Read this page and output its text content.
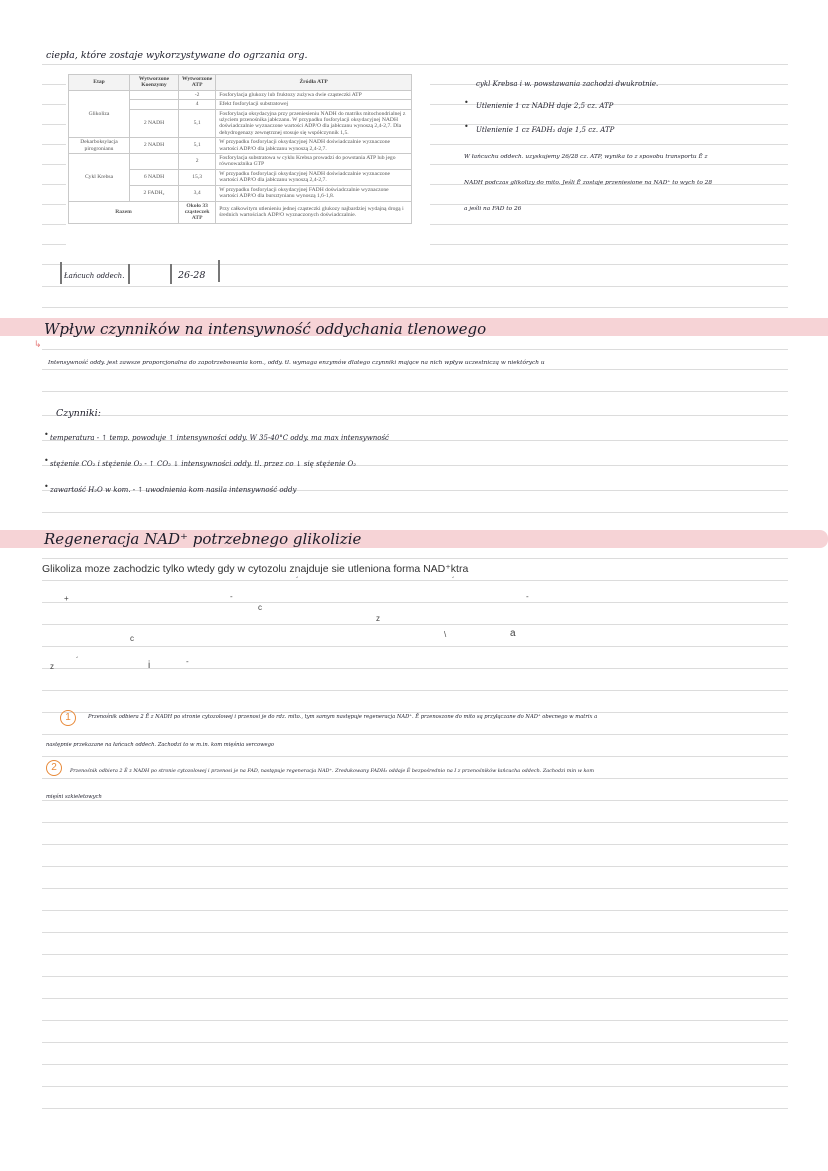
ciepła, które zostaje wykorzystywane do ogrzania org.
Etap	Wytworzone Koenzymy	Wytworzone ATP	Źródła ATP
Glikoliza		-2	Fosforylacja glukozy lub fruktozy zużywa dwie cząsteczki ATP
		4	Efekt fosforylacji substratowej
	2 NADH	5,1	Fosforylacja oksydacyjna przy przeniesieniu NADH do matriks mitochondrialnej z użyciem przenośnika jabłczanu. W przypadku fosforylacji oksydacyjnej NADH doświadczalnie wyznaczone wartości ADP/O dla jabłczanu wynoszą 2,4-2,7. Dla dehydrogenazy zewnętrznej stosuje się współczynnik 1,5.
Dekarboksylacja pirogronianu	2 NADH	5,1	W przypadku fosforylacji oksydacyjnej NADH doświadczalnie wyznaczone wartości ADP/O dla jabłczanu wynoszą 2,4-2,7.
Cykl Krebsa		2	Fosforylacja substratowa w cyklu Krebsa prowadzi do powstania ATP lub jego równoważnika GTP
	6 NADH	15,3	W przypadku fosforylacji oksydacyjnej NADH doświadczalnie wyznaczone wartości ADP/O dla jabłczanu wynoszą 2,4-2,7.
	2 FADH₂	3,4	W przypadku fosforylacji oksydacyjnej FADH doświadczalnie wyznaczone wartości ADP/O dla bursztynianu wynoszą 1,6-1,8.
Razem		Około 33 cząsteczek ATP	Przy całkowitym utlenieniu jednej cząsteczki glukozy najbardziej wydajną drogą i średnich wartościach ADP/O wyznaczonych doświadczalnie.
Łańcuch oddech.	26-28
cykl Krebsa i w. powstawania zachodzi dwukrotnie.
• Utlenienie 1 cz NADH daje 2,5 cz. ATP
• Utlenienie 1 cz FADH₂ daje 1,5 cz. ATP
W łańcuchu oddech. uzyskujemy 26/28 cz. ATP, wynika to z sposobu transportu Ē z
NADH podczas glikolizy do mito. Jeśli Ē zostaje przeniesione na NAD⁺ to wych to 28
a jeśli na FAD to 26
↳
Wpływ czynników na intensywność oddychania tlenowego
Intensywność oddy. jest zawsze proporcjonalna do zapotrzebowania kom., oddy. tl. wymaga enzymów dlatego czynniki mające na nich wpływ uczestniczą w niektórych u
Czynniki:
• temperatura - ↑ temp. powoduje ↑ intensywności oddy. W 35-40°C oddy. ma max intensywność
• stężenie CO₂ i stężenie O₂ - ↑ CO₂ ↓ intensywności oddy. tl. przez co ↓ się stężenie O₂
• zawartość H₂O w kom. - ↑ uwodnienia kom nasila intensywność oddy
Regeneracja NAD⁺ potrzebnego glikolizie
Glikoliza moze zachodzic tylko wtedy gdy w cytozolu znajduje sie utleniona forma NAD⁺ktra
´	´
+	-	-
c
z
\	a
c
z
´	i	-
1	Przenośnik odbiera 2 Ē z NADH po stronie cytozolowej i przenosi je do rdz. mito., tym samym następuje regeneracja NAD⁺. Ē przenoszone do mito są przyłączane do NAD⁺ obecnego w matrix a
następnie przekazane na łańcuch oddech. Zachodzi to w m.in. kom mięśnia sercowego
2	Przenośnik odbiera 2 Ē z NADH po stronie cytozolowej i przenosi je na FAD, następuje regeneracja NAD⁺. Zredukowany FADH₂ oddaje Ē bezpośrednio na I z przenośników łańcucha oddech. Zachodzi min w kom
mięśni szkieletowych
